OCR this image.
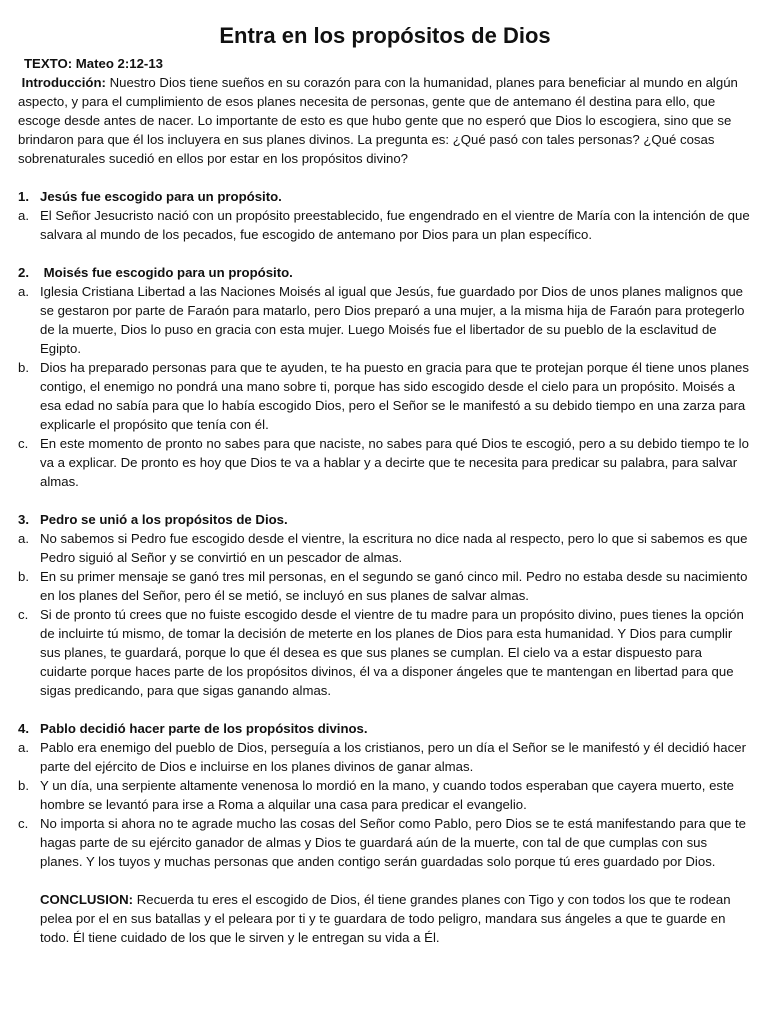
Entra en los propósitos de Dios
TEXTO: Mateo 2:12-13
Introducción: Nuestro Dios tiene sueños en su corazón para con la humanidad, planes para beneficiar al mundo en algún aspecto, y para el cumplimiento de esos planes necesita de personas, gente que de antemano él destina para ello, que escoge desde antes de nacer. Lo importante de esto es que hubo gente que no esperó que Dios lo escogiera, sino que se brindaron para que él los incluyera en sus planes divinos. La pregunta es: ¿Qué pasó con tales personas? ¿Qué cosas sobrenaturales sucedió en ellos por estar en los propósitos divino?
1. Jesús fue escogido para un propósito.
a. El Señor Jesucristo nació con un propósito preestablecido, fue engendrado en el vientre de María con la intención de que salvara al mundo de los pecados, fue escogido de antemano por Dios para un plan específico.
2. Moisés fue escogido para un propósito.
a. Iglesia Cristiana Libertad a las Naciones Moisés al igual que Jesús, fue guardado por Dios de unos planes malignos que se gestaron por parte de Faraón para matarlo, pero Dios preparó a una mujer, a la misma hija de Faraón para protegerlo de la muerte, Dios lo puso en gracia con esta mujer. Luego Moisés fue el libertador de su pueblo de la esclavitud de Egipto.
b. Dios ha preparado personas para que te ayuden, te ha puesto en gracia para que te protejan porque él tiene unos planes contigo, el enemigo no pondrá una mano sobre ti, porque has sido escogido desde el cielo para un propósito. Moisés a esa edad no sabía para que lo había escogido Dios, pero el Señor se le manifestó a su debido tiempo en una zarza para explicarle el propósito que tenía con él.
c. En este momento de pronto no sabes para que naciste, no sabes para qué Dios te escogió, pero a su debido tiempo te lo va a explicar. De pronto es hoy que Dios te va a hablar y a decirte que te necesita para predicar su palabra, para salvar almas.
3. Pedro se unió a los propósitos de Dios.
a. No sabemos si Pedro fue escogido desde el vientre, la escritura no dice nada al respecto, pero lo que si sabemos es que Pedro siguió al Señor y se convirtió en un pescador de almas.
b. En su primer mensaje se ganó tres mil personas, en el segundo se ganó cinco mil. Pedro no estaba desde su nacimiento en los planes del Señor, pero él se metió, se incluyó en sus planes de salvar almas.
c. Si de pronto tú crees que no fuiste escogido desde el vientre de tu madre para un propósito divino, pues tienes la opción de incluirte tú mismo, de tomar la decisión de meterte en los planes de Dios para esta humanidad. Y Dios para cumplir sus planes, te guardará, porque lo que él desea es que sus planes se cumplan. El cielo va a estar dispuesto para cuidarte porque haces parte de los propósitos divinos, él va a disponer ángeles que te mantengan en libertad para que sigas predicando, para que sigas ganando almas.
4. Pablo decidió hacer parte de los propósitos divinos.
a. Pablo era enemigo del pueblo de Dios, perseguía a los cristianos, pero un día el Señor se le manifestó y él decidió hacer parte del ejército de Dios e incluirse en los planes divinos de ganar almas.
b. Y un día, una serpiente altamente venenosa lo mordió en la mano, y cuando todos esperaban que cayera muerto, este hombre se levantó para irse a Roma a alquilar una casa para predicar el evangelio.
c. No importa si ahora no te agrade mucho las cosas del Señor como Pablo, pero Dios se te está manifestando para que te hagas parte de su ejército ganador de almas y Dios te guardará aún de la muerte, con tal de que cumplas con sus planes. Y los tuyos y muchas personas que anden contigo serán guardadas solo porque tú eres guardado por Dios.
CONCLUSION: Recuerda tu eres el escogido de Dios, él tiene grandes planes con Tigo y con todos los que te rodean pelea por el en sus batallas y el peleara por ti y te guardara de todo peligro, mandara sus ángeles a que te guarde en todo. Él tiene cuidado de los que le sirven y le entregan su vida a Él.
